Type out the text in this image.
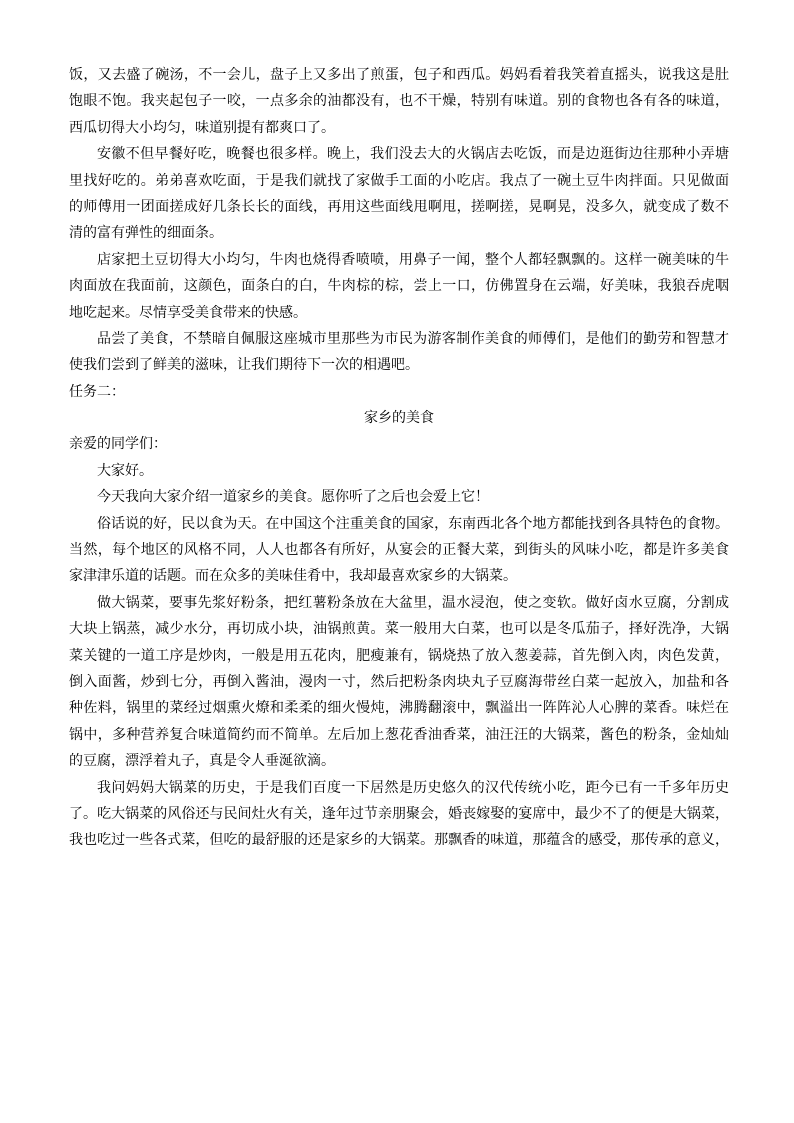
饭，又去盛了碗汤，不一会儿，盘子上又多出了煎蛋，包子和西瓜。妈妈看着我笑着直摇头，说我这是肚
饱眼不饱。我夹起包子一咬，一点多余的油都没有，也不干燥，特别有味道。别的食物也各有各的味道，
西瓜切得大小均匀，味道别提有都爽口了。
安徽不但早餐好吃，晚餐也很多样。晚上，我们没去大的火锅店去吃饭，而是边逛街边往那种小弄塘
里找好吃的。弟弟喜欢吃面，于是我们就找了家做手工面的小吃店。我点了一碗土豆牛肉拌面。只见做面
的师傅用一团面搓成好几条长长的面线，再用这些面线甩啊甩，搓啊搓，晃啊晃，没多久，就变成了数不
清的富有弹性的细面条。
店家把土豆切得大小均匀，牛肉也烧得香喷喷，用鼻子一闻，整个人都轻飘飘的。这样一碗美味的牛
肉面放在我面前，这颜色，面条白的白，牛肉棕的棕，尝上一口，仿佛置身在云端，好美味，我狼吞虎咽
地吃起来。尽情享受美食带来的快感。
品尝了美食，不禁暗自佩服这座城市里那些为市民为游客制作美食的师傅们，是他们的勤劳和智慧才
使我们尝到了鲜美的滋味，让我们期待下一次的相遇吧。
任务二：
家乡的美食
亲爱的同学们：
大家好。
今天我向大家介绍一道家乡的美食。愿你听了之后也会爱上它！
俗话说的好，民以食为天。在中国这个注重美食的国家，东南西北各个地方都能找到各具特色的食物。
当然，每个地区的风格不同，人人也都各有所好，从宴会的正餐大菜，到街头的风味小吃，都是许多美食
家津津乐道的话题。而在众多的美味佳肴中，我却最喜欢家乡的大锅菜。
做大锅菜，要事先浆好粉条，把红薯粉条放在大盆里，温水浸泡，使之变软。做好卤水豆腐，分割成
大块上锅蒸，减少水分，再切成小块，油锅煎黄。菜一般用大白菜，也可以是冬瓜茄子，择好洗净，大锅
菜关键的一道工序是炒肉，一般是用五花肉，肥瘦兼有，锅烧热了放入葱姜蒜，首先倒入肉，肉色发黄，
倒入面酱，炒到七分，再倒入酱油，漫肉一寸，然后把粉条肉块丸子豆腐海带丝白菜一起放入，加盐和各
种佐料，锅里的菜经过烟熏火燎和柔柔的细火慢炖，沸腾翻滚中，飘溢出一阵阵沁人心脾的菜香。味烂在
锅中，多种营养复合味道简约而不简单。左后加上葱花香油香菜，油汪汪的大锅菜，酱色的粉条，金灿灿
的豆腐，漂浮着丸子，真是令人垂涎欲滴。
我问妈妈大锅菜的历史，于是我们百度一下居然是历史悠久的汉代传统小吃，距今已有一千多年历史
了。吃大锅菜的风俗还与民间灶火有关，逢年过节亲朋聚会，婚丧嫁娶的宴席中，最少不了的便是大锅菜，
我也吃过一些各式菜，但吃的最舒服的还是家乡的大锅菜。那飘香的味道，那蕴含的感受，那传承的意义，
